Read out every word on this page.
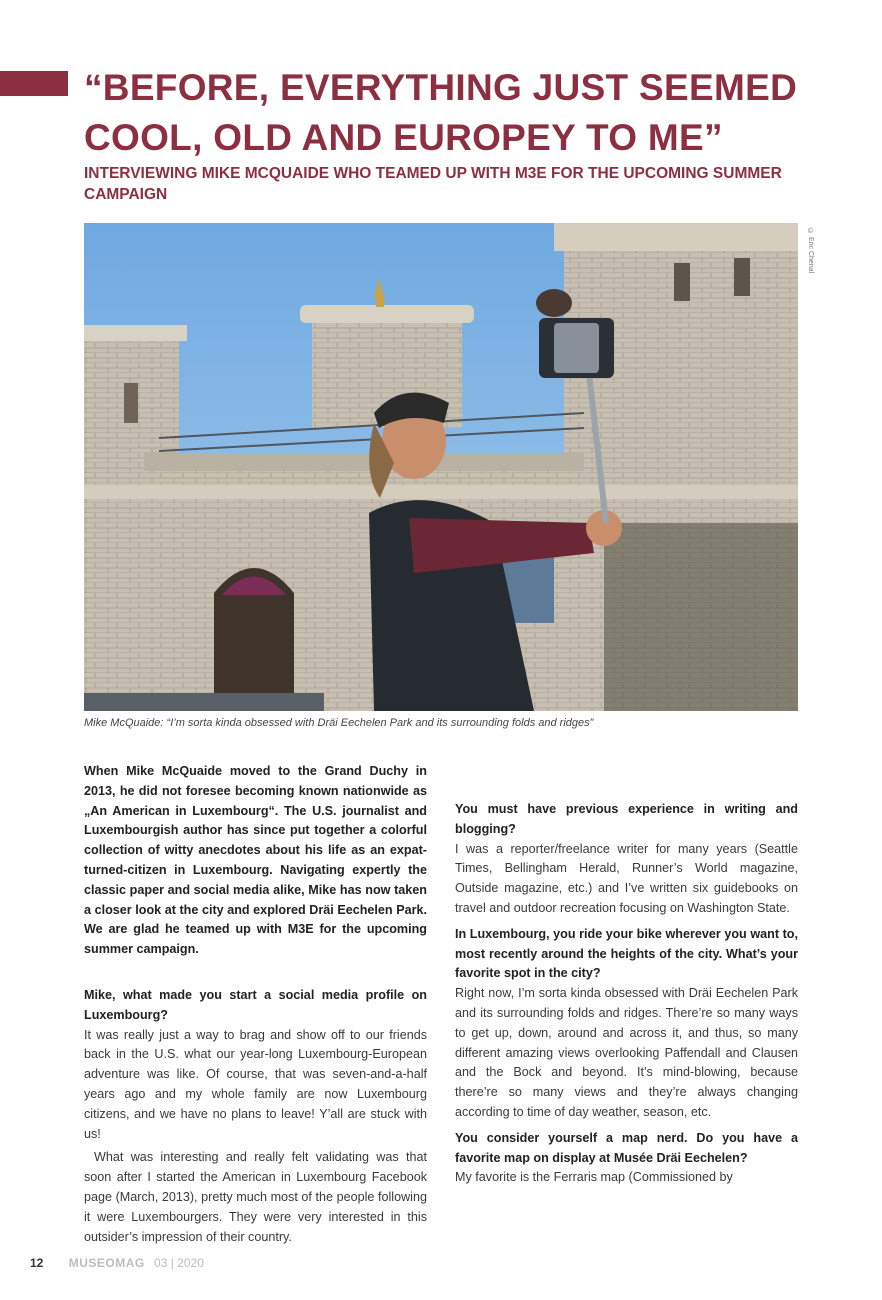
“BEFORE, EVERYTHING JUST SEEMED COOL, OLD AND EUROPEY TO ME”
INTERVIEWING MIKE MCQUAIDE WHO TEAMED UP WITH M3E FOR THE UPCOMING SUMMER CAMPAIGN
© Eric Chenal
Mike McQuaide: “I’m sorta kinda obsessed with Dräi Eechelen Park and its surrounding folds and ridges”

When Mike McQuaide moved to the Grand Duchy in 2013, he did not foresee becoming known nationwide as „An American in Luxembourg“. The U.S. journalist and Luxembourgish author has since put together a colorful collection of witty anecdotes about his life as an expat-turned-citizen in Luxembourg. Navigating expertly the classic paper and social media alike, Mike has now taken a closer look at the city and explored Dräi Eechelen Park. We are glad he teamed up with M3E for the upcoming summer campaign.

Mike, what made you start a social media profile on Luxembourg?

It was really just a way to brag and show off to our friends back in the U.S. what our year-long Luxembourg-European adventure was like. Of course, that was seven-and-a-half years ago and my whole family are now Luxembourg citizens, and we have no plans to leave! Y’all are stuck with us!

What was interesting and really felt validating was that soon after I started the American in Luxembourg Facebook page (March, 2013), pretty much most of the people following it were Luxembourgers. They were very interested in this outsider’s impression of their country.

You must have previous experience in writing and blogging?

I was a reporter/freelance writer for many years (Seattle Times, Bellingham Herald, Runner’s World magazine, Outside magazine, etc.) and I’ve written six guidebooks on travel and outdoor recreation focusing on Washington State.

In Luxembourg, you ride your bike wherever you want to, most recently around the heights of the city. What’s your favorite spot in the city?

Right now, I’m sorta kinda obsessed with Dräi Eechelen Park and its surrounding folds and ridges. There’re so many ways to get up, down, around and across it, and thus, so many different amazing views overlooking Paffendall and Clausen and the Bock and beyond. It’s mind-blowing, because there’re so many views and they’re always changing according to time of day weather, season, etc.

You consider yourself a map nerd. Do you have a favorite map on display at Musée Dräi Eechelen?

My favorite is the Ferraris map (Commissioned by

12 MUSEOMAG 03 | 2020
